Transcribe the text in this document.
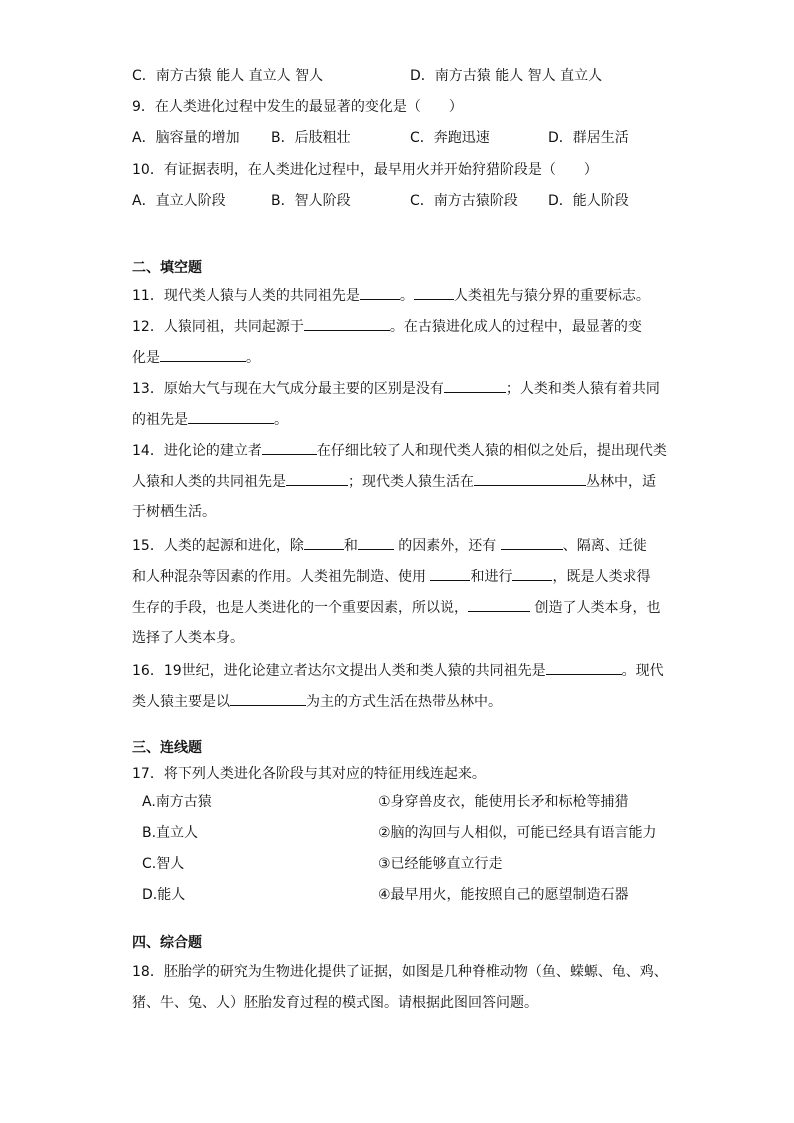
C．南方古猿 能人 直立人 智人	D．南方古猿 能人 智人 直立人
9．在人类进化过程中发生的最显著的变化是（　　）
A．脑容量的增加 B．后肢粗壮	C．奔跑迅速	D．群居生活
10．有证据表明，在人类进化过程中，最早用火并开始狩猎阶段是（　　）
A．直立人阶段	B．智人阶段	C．南方古猿阶段 D．能人阶段
二、填空题
11．现代类人猿与人类的共同祖先是	。	人类祖先与猿分界的重要标志。
12．人猿同祖，共同起源于	。在古猿进化成人的过程中，最显著的变
化是	。
13．原始大气与现在大气成分最主要的区别是没有	；人类和类人猿有着共同
的祖先是	。
14．进化论的建立者	在仔细比较了人和现代类人猿的相似之处后，提出现代类
人猿和人类的共同祖先是	；现代类人猿生活在	丛林中，适
于树栖生活。
15．人类的起源和进化，除	和	的因素外，还有	、隔离、迁徙
和人种混杂等因素的作用。人类祖先制造、使用	和进行	，既是人类求得
生存的手段，也是人类进化的一个重要因素，所以说，	创造了人类本身，也
选择了人类本身。
16．19世纪，进化论建立者达尔文提出人类和类人猿的共同祖先是	。现代
类人猿主要是以	为主的方式生活在热带丛林中。
三、连线题
17．将下列人类进化各阶段与其对应的特征用线连起来。
A.南方古猿	①身穿兽皮衣，能使用长矛和标枪等捕猎
B.直立人	②脑的沟回与人相似，可能已经具有语言能力
C.智人	③已经能够直立行走
D.能人	④最早用火，能按照自己的愿望制造石器
四、综合题
18．胚胎学的研究为生物进化提供了证据，如图是几种脊椎动物（鱼、蝾螈、龟、鸡、
猪、牛、兔、人）胚胎发育过程的模式图。请根据此图回答问题。
